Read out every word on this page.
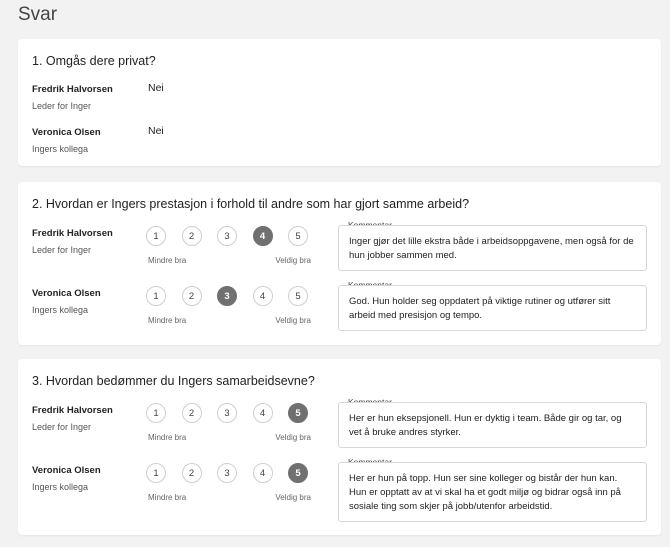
Svar
1. Omgås dere privat?
Fredrik Halvorsen
Leder for Inger
Nei
Veronica Olsen
Ingers kollega
Nei
2. Hvordan er Ingers prestasjon i forhold til andre som har gjort samme arbeid?
Fredrik Halvorsen
Leder for Inger
1	2	3	4	5
Mindre bra	Veldig bra
Inger gjør det lille ekstra både i arbeidsoppgavene, men også for de hun jobber sammen med.
Veronica Olsen
Ingers kollega
1	2	3	4	5
Mindre bra	Veldig bra
God. Hun holder seg oppdatert på viktige rutiner og utfører sitt arbeid med presisjon og tempo.
3. Hvordan bedømmer du Ingers samarbeidsevne?
Fredrik Halvorsen
Leder for Inger
1	2	3	4	5
Mindre bra	Veldig bra
Her er hun eksepsjonell. Hun er dyktig i team. Både gir og tar, og vet å bruke andres styrker.
Veronica Olsen
Ingers kollega
1	2	3	4	5
Mindre bra	Veldig bra
Her er hun på topp. Hun ser sine kolleger og bistår der hun kan. Hun er opptatt av at vi skal ha et godt miljø og bidrar også inn på sosiale ting som skjer på jobb/utenfor arbeidstid.
